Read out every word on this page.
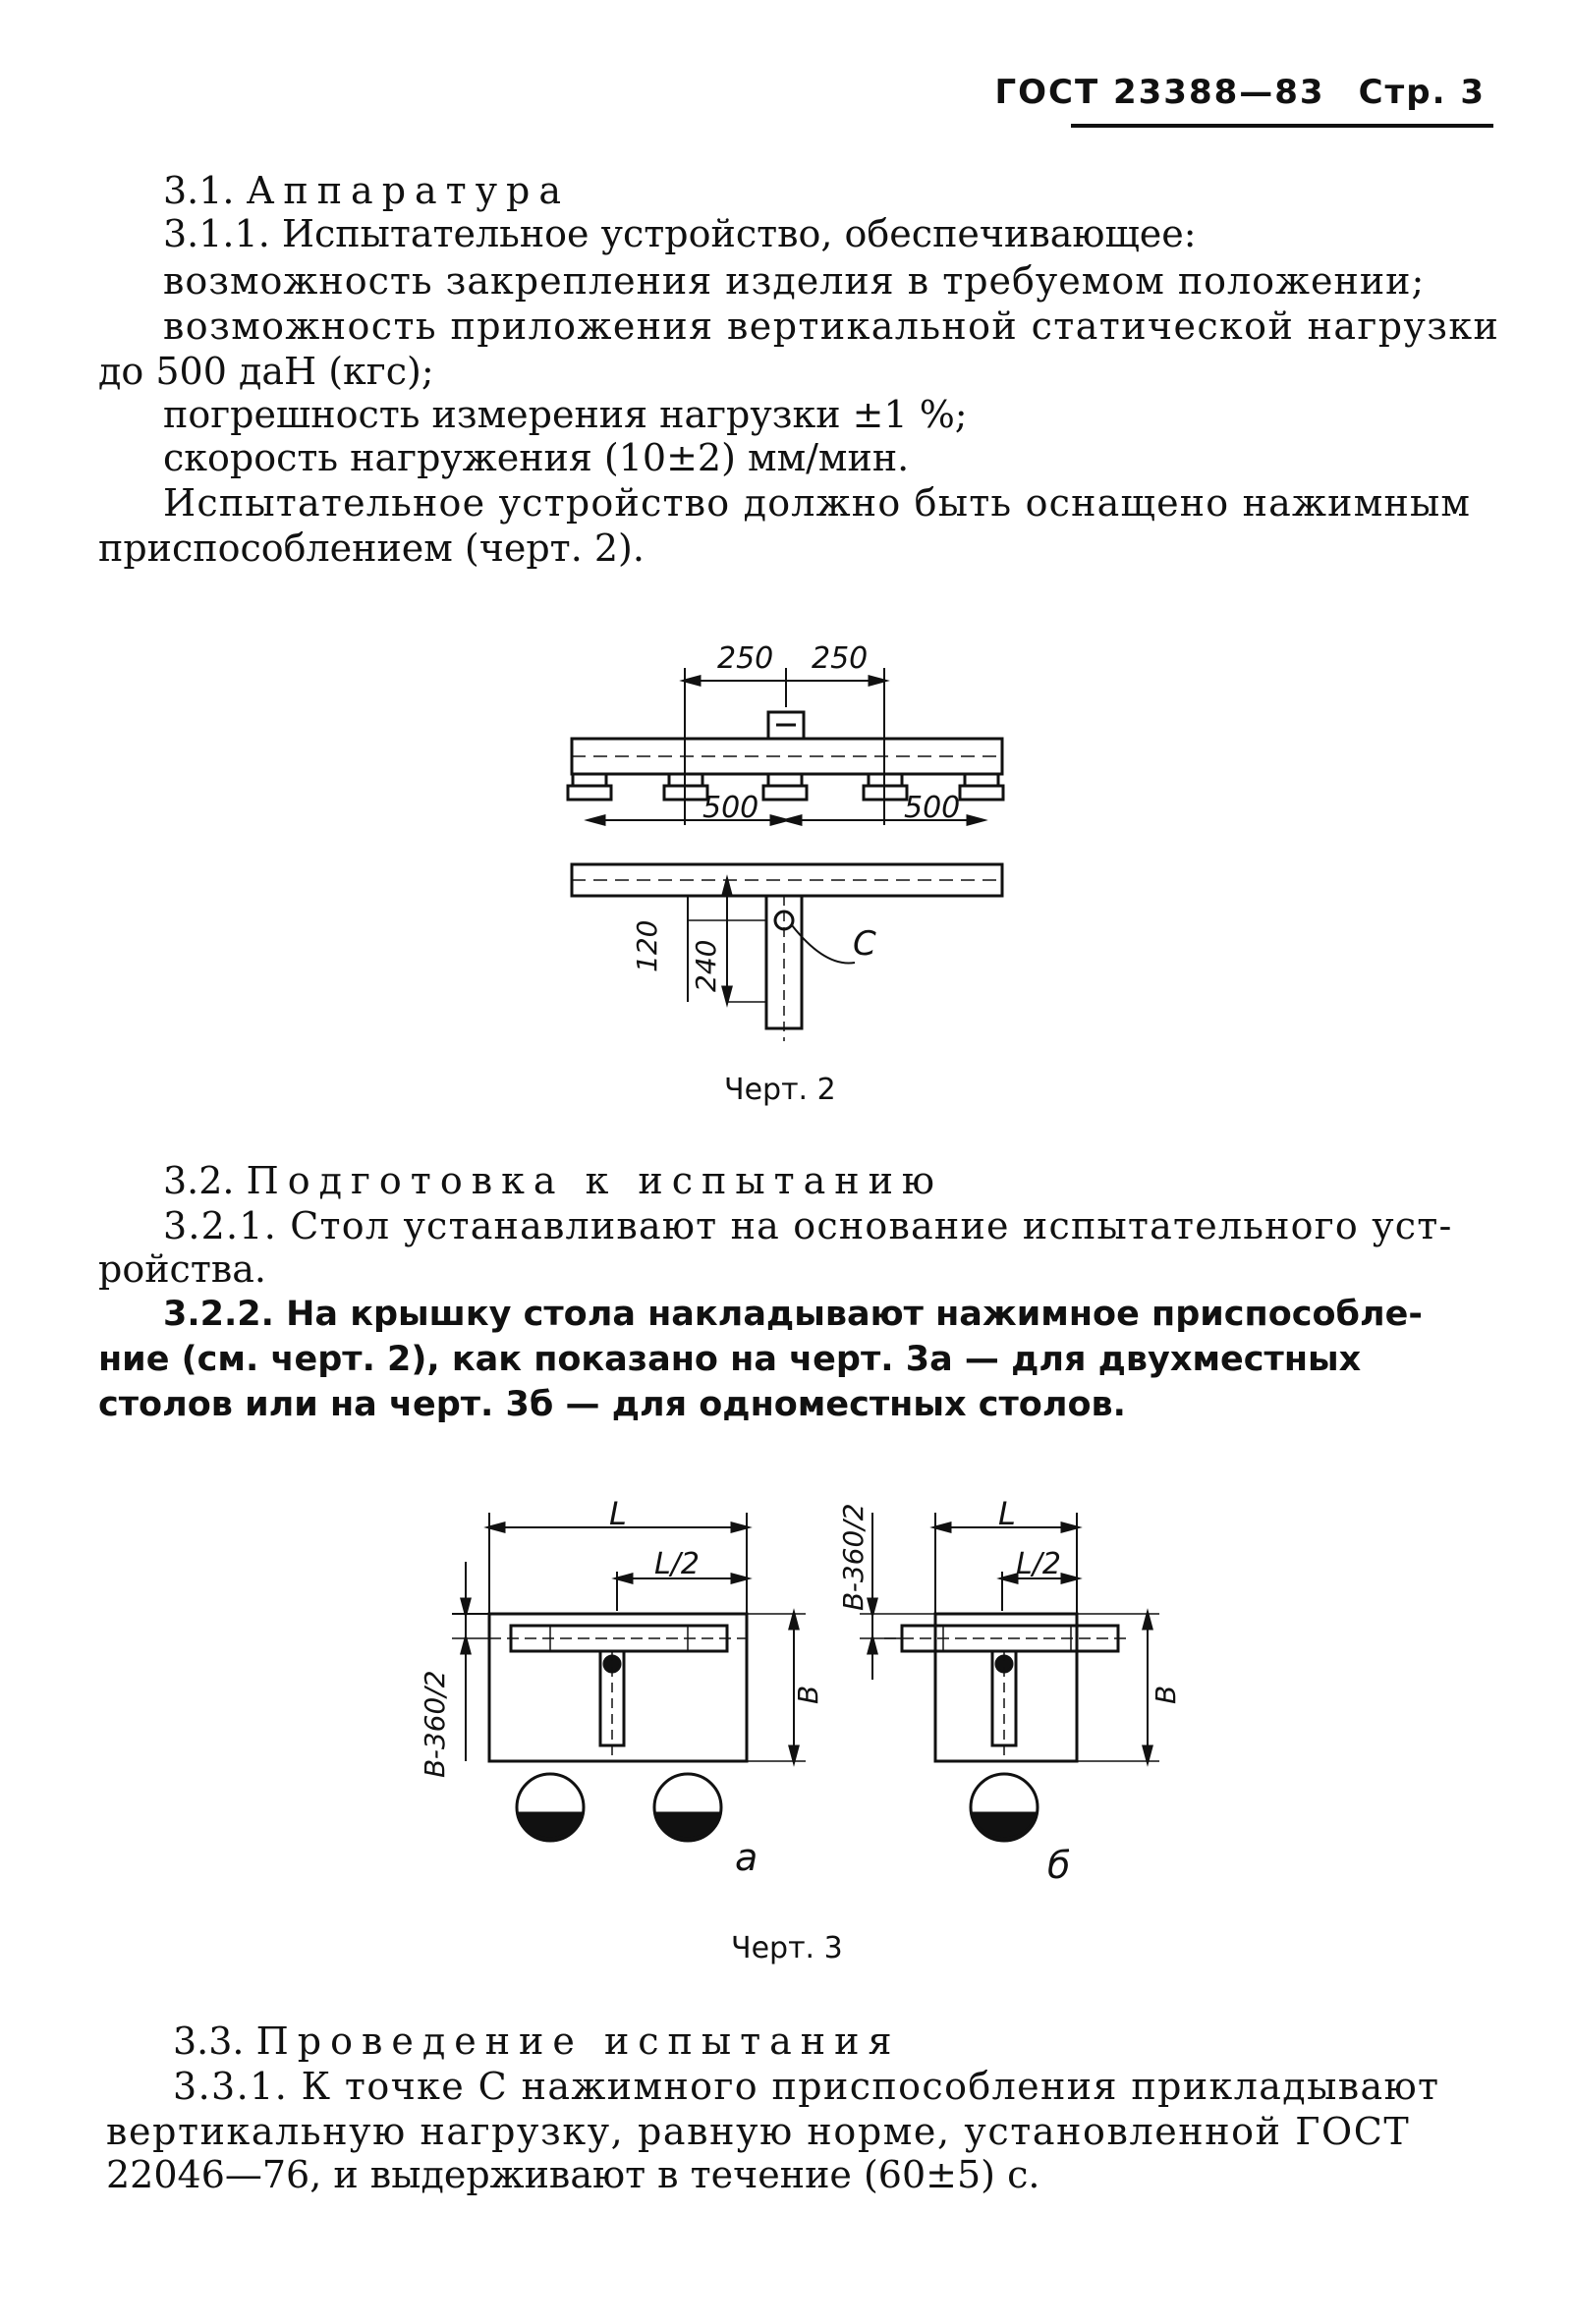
ГОСТ 23388—83 Стр. 3
3.1. Аппаратура
3.1.1. Испытательное устройство, обеспечивающее:
возможность закрепления изделия в требуемом положении;
возможность приложения вертикальной статической нагрузки
до 500 даН (кгс);
погрешность измерения нагрузки ±1 %;
скорость нагружения (10±2) мм/мин.
Испытательное устройство должно быть оснащено нажимным
приспособлением (черт. 2).
250 250
500	500
120 240	C
Черт. 2
3.2. Подготовка к испытанию
3.2.1. Стол устанавливают на основание испытательного уст-
ройства.
3.2.2. На крышку стола накладывают нажимное приспособле-
ние (см. черт. 2), как показано на черт. 3а — для двухместных
столов или на черт. 3б — для одноместных столов.
L
L/2
B
B-360/2
а
L
L/2
B
B-360/2
б
Черт. 3
3.3. Проведение испытания
3.3.1. К точке С нажимного приспособления прикладывают
вертикальную нагрузку, равную норме, установленной ГОСТ
22046—76, и выдерживают в течение (60±5) с.
